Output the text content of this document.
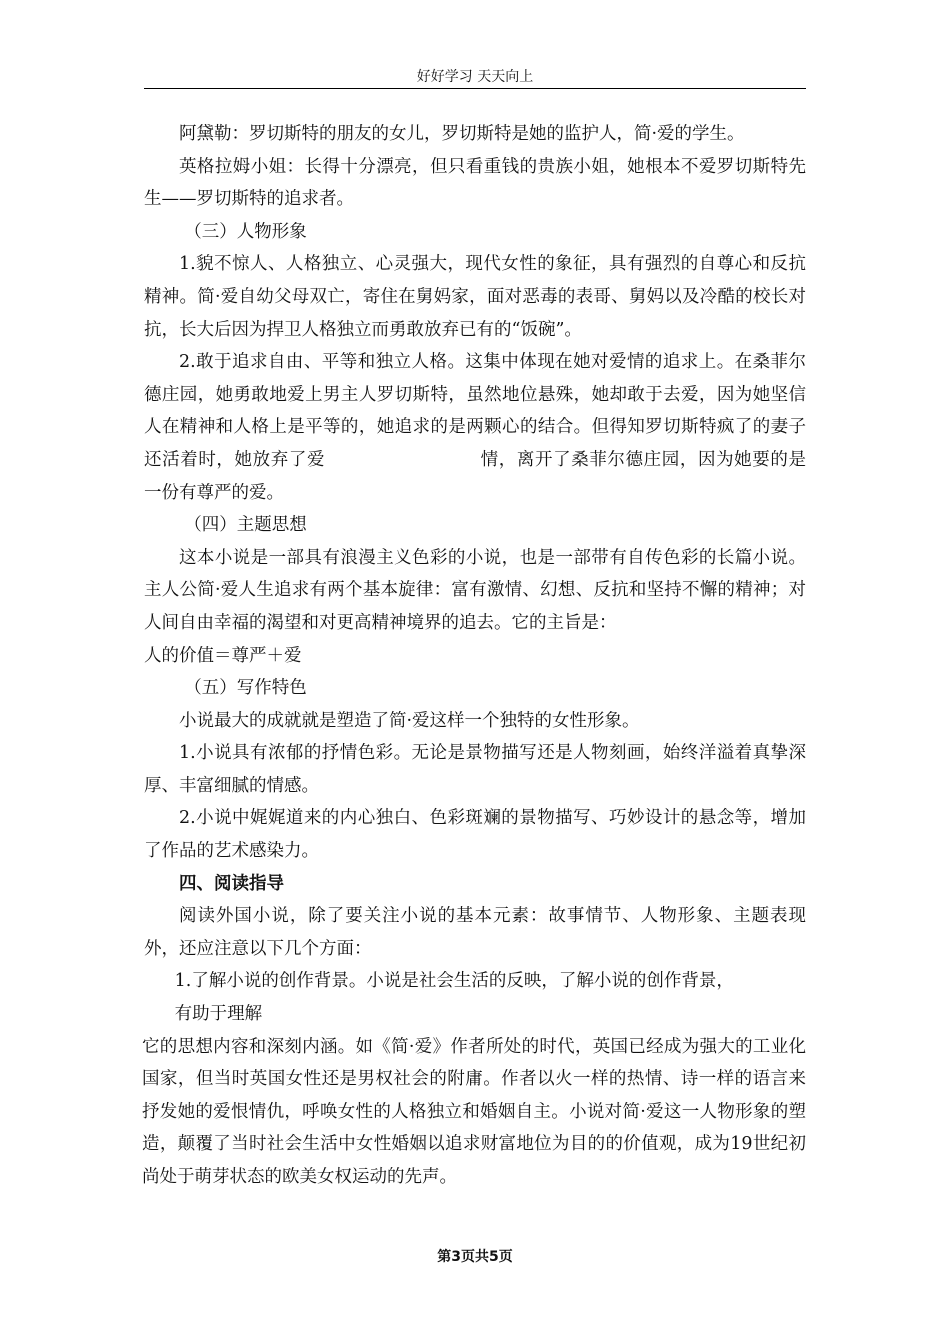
好好学习 天天向上

阿黛勒：罗切斯特的朋友的女儿，罗切斯特是她的监护人，简·爱的学生。

英格拉姆小姐：长得十分漂亮，但只看重钱的贵族小姐，她根本不爱罗切斯特先生——罗切斯特的追求者。

（三）人物形象

1.貌不惊人、人格独立、心灵强大，现代女性的象征，具有强烈的自尊心和反抗精神。简·爱自幼父母双亡，寄住在舅妈家，面对恶毒的表哥、舅妈以及冷酷的校长对抗，长大后因为捍卫人格独立而勇敢放弃已有的“饭碗”。

2.敢于追求自由、平等和独立人格。这集中体现在她对爱情的追求上。在桑菲尔德庄园，她勇敢地爱上男主人罗切斯特，虽然地位悬殊，她却敢于去爱，因为她坚信人在精神和人格上是平等的，她追求的是两颗心的结合。但得知罗切斯特疯了的妻子还活着时，她放弃了爱	情，离开了桑菲尔德庄园，因为她要的是一份有尊严的爱。

（四）主题思想

这本小说是一部具有浪漫主义色彩的小说，也是一部带有自传色彩的长篇小说。主人公简·爱人生追求有两个基本旋律：富有激情、幻想、反抗和坚持不懈的精神；对人间自由幸福的渴望和对更高精神境界的追去。它的主旨是：

人的价值＝尊严＋爱

（五）写作特色

小说最大的成就就是塑造了简·爱这样一个独特的女性形象。

1.小说具有浓郁的抒情色彩。无论是景物描写还是人物刻画，始终洋溢着真挚深厚、丰富细腻的情感。

2.小说中娓娓道来的内心独白、色彩斑斓的景物描写、巧妙设计的悬念等，增加了作品的艺术感染力。

四、阅读指导

阅读外国小说，除了要关注小说的基本元素：故事情节、人物形象、主题表现外，还应注意以下几个方面：

1.了解小说的创作背景。小说是社会生活的反映，了解小说的创作背景，

有助于理解

它的思想内容和深刻内涵。如《简·爱》作者所处的时代，英国已经成为强大的工业化国家，但当时英国女性还是男权社会的附庸。作者以火一样的热情、诗一样的语言来抒发她的爱恨情仇，呼唤女性的人格独立和婚姻自主。小说对简·爱这一人物形象的塑造，颠覆了当时社会生活中女性婚姻以追求财富地位为目的的价值观，成为19世纪初尚处于萌芽状态的欧美女权运动的先声。

第3页共5页
